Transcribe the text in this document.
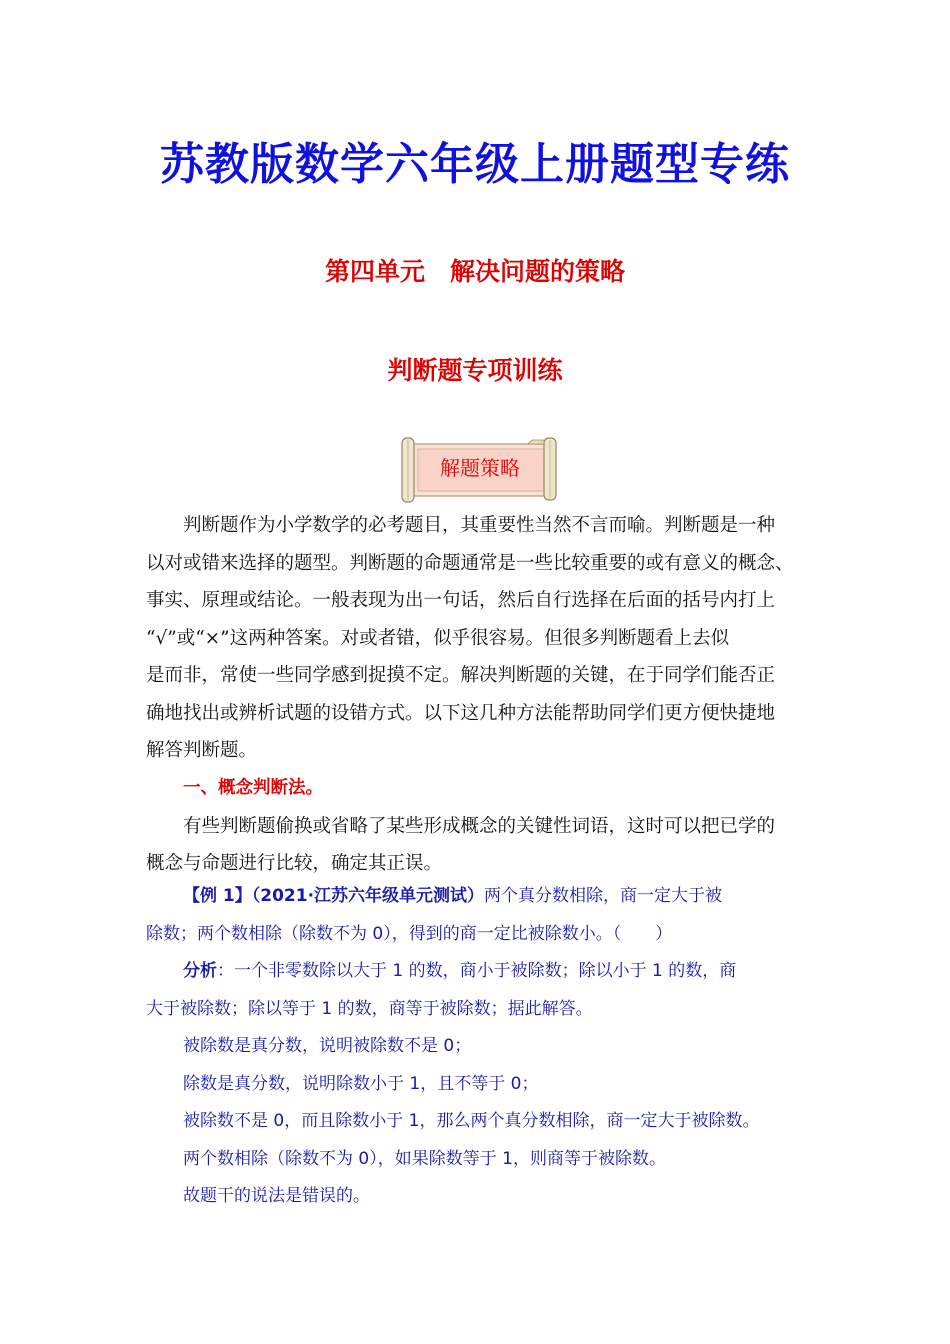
苏教版数学六年级上册题型专练
第四单元　解决问题的策略
判断题专项训练
解题策略
判断题作为小学数学的必考题目，其重要性当然不言而喻。判断题是一种
以对或错来选择的题型。判断题的命题通常是一些比较重要的或有意义的概念、
事实、原理或结论。一般表现为出一句话，然后自行选择在后面的括号内打上
“√”或“×”这两种答案。对或者错，似乎很容易。但很多判断题看上去似
是而非，常使一些同学感到捉摸不定。解决判断题的关键，在于同学们能否正
确地找出或辨析试题的设错方式。以下这几种方法能帮助同学们更方便快捷地
解答判断题。
一、概念判断法。
有些判断题偷换或省略了某些形成概念的关键性词语，这时可以把已学的
概念与命题进行比较，确定其正误。
【例 1】（2021·江苏六年级单元测试）两个真分数相除，商一定大于被
除数；两个数相除（除数不为 0），得到的商一定比被除数小。（　　）
分析：一个非零数除以大于 1 的数，商小于被除数；除以小于 1 的数，商
大于被除数；除以等于 1 的数，商等于被除数；据此解答。
被除数是真分数，说明被除数不是 0；
除数是真分数，说明除数小于 1，且不等于 0；
被除数不是 0，而且除数小于 1，那么两个真分数相除，商一定大于被除数。
两个数相除（除数不为 0），如果除数等于 1，则商等于被除数。
故题干的说法是错误的。
